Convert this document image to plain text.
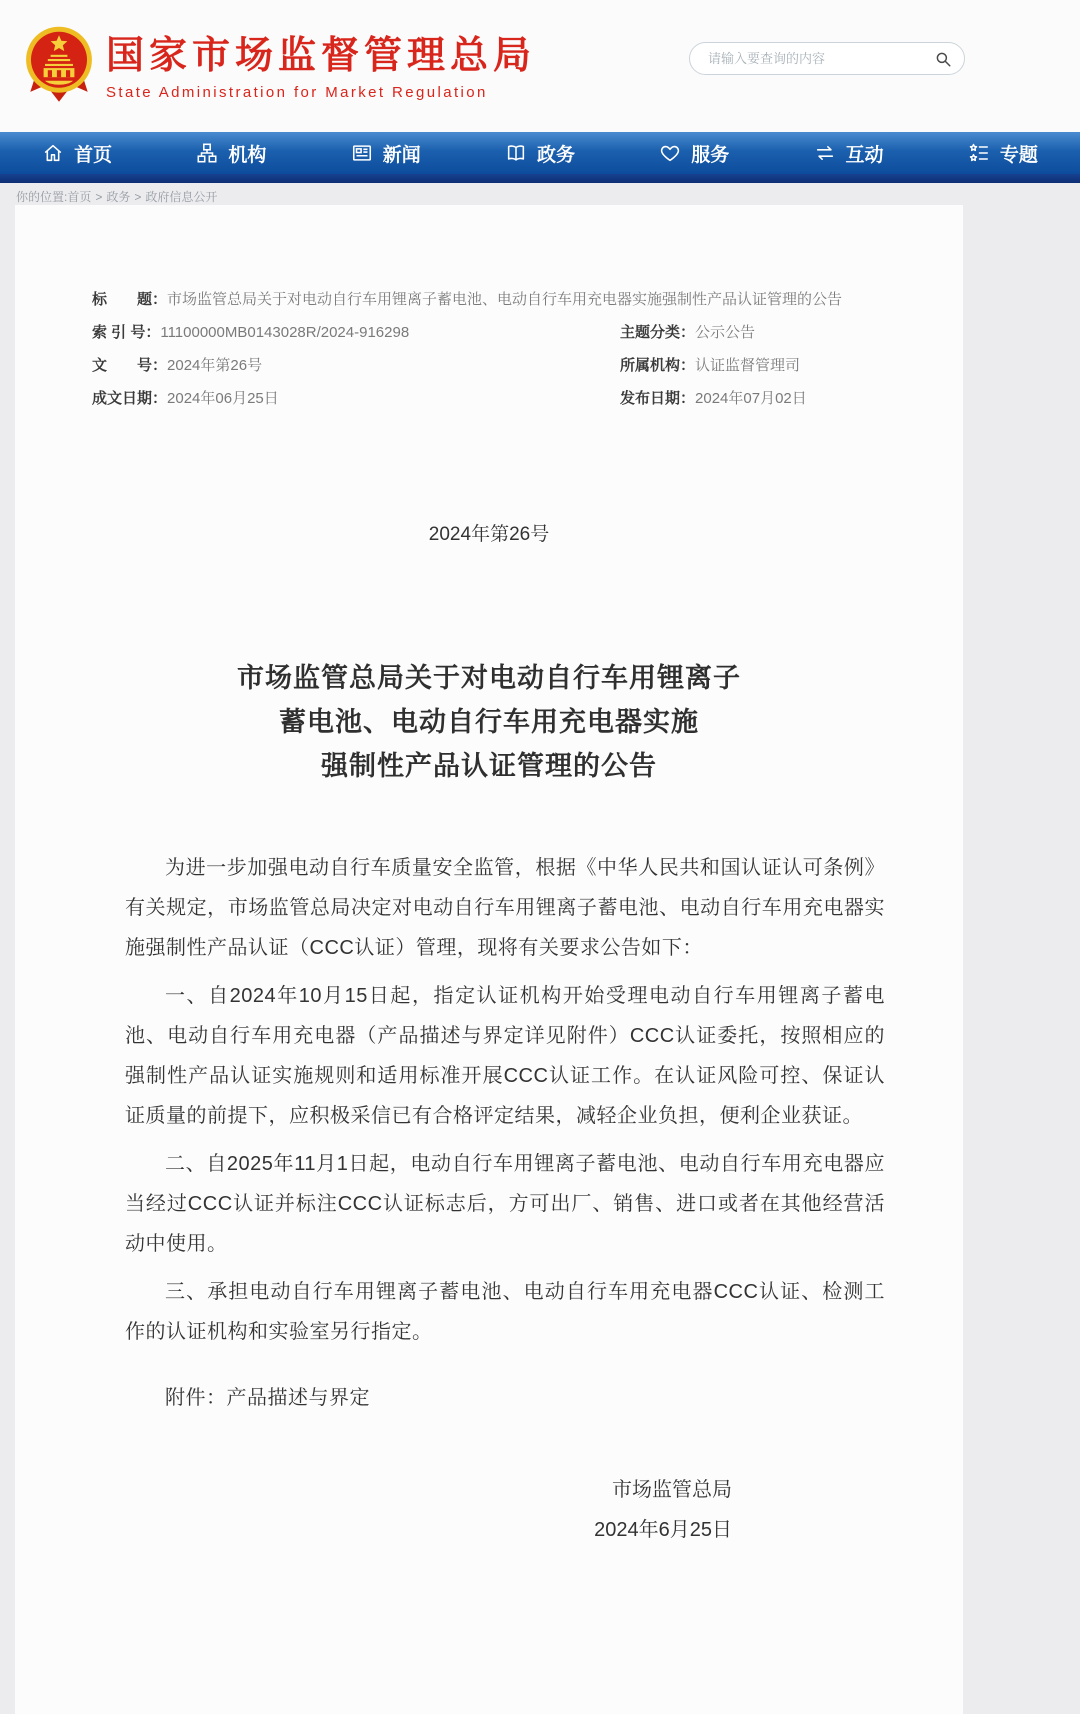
国家市场监督管理总局
State Administration for Market Regulation
请输入要查询的内容
首页	机构	新闻	政务	服务	互动	专题
你的位置:首页 > 政务 > 政府信息公开
标　　题： 市场监管总局关于对电动自行车用锂离子蓄电池、电动自行车用充电器实施强制性产品认证管理的公告
索 引 号： 11100000MB0143028R/2024-916298	主题分类： 公示公告
文　　号： 2024年第26号	所属机构： 认证监督管理司
成文日期： 2024年06月25日	发布日期： 2024年07月02日
2024年第26号
市场监管总局关于对电动自行车用锂离子
蓄电池、电动自行车用充电器实施
强制性产品认证管理的公告

为进一步加强电动自行车质量安全监管，根据《中华人民共和国认证认可条例》有关规定，市场监管总局决定对电动自行车用锂离子蓄电池、电动自行车用充电器实施强制性产品认证（CCC认证）管理，现将有关要求公告如下：

一、自2024年10月15日起，指定认证机构开始受理电动自行车用锂离子蓄电池、电动自行车用充电器（产品描述与界定详见附件）CCC认证委托，按照相应的强制性产品认证实施规则和适用标准开展CCC认证工作。在认证风险可控、保证认证质量的前提下，应积极采信已有合格评定结果，减轻企业负担，便利企业获证。

二、自2025年11月1日起，电动自行车用锂离子蓄电池、电动自行车用充电器应当经过CCC认证并标注CCC认证标志后，方可出厂、销售、进口或者在其他经营活动中使用。

三、承担电动自行车用锂离子蓄电池、电动自行车用充电器CCC认证、检测工作的认证机构和实验室另行指定。

附件：产品描述与界定

市场监管总局
2024年6月25日
